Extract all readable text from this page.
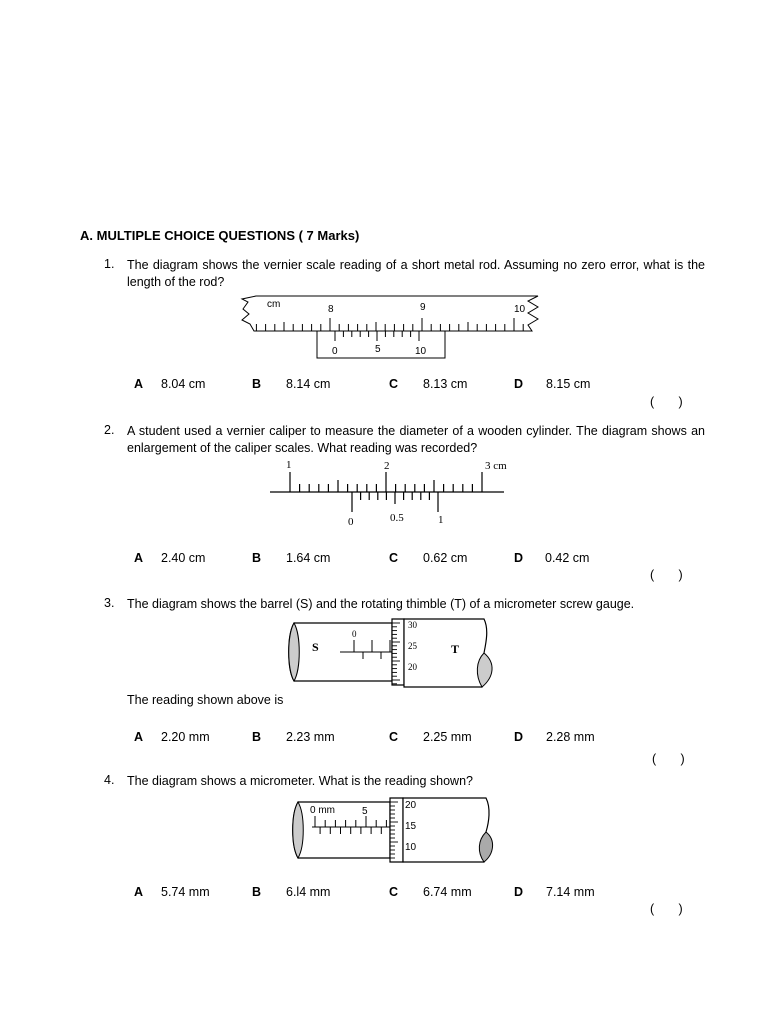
A. MULTIPLE CHOICE QUESTIONS ( 7 Marks)
1. The diagram shows the vernier scale reading of a short metal rod. Assuming no zero error, what is the length of the rod?
cm	8	9	10
0	5	10
A 8.04 cm	B 8.14 cm	C 8.13 cm	D 8.15 cm
(       )
2. A student used a vernier caliper to measure the diameter of a wooden cylinder. The diagram shows an enlargement of the caliper scales. What reading was recorded?
1	2	3 cm
0	0.5	1
A 2.40 cm	B 1.64 cm	C 0.62 cm	D 0.42 cm
(       )
3. The diagram shows the barrel (S) and the rotating thimble (T) of a micrometer screw gauge.
S
0
T
30
25
20
The reading shown above is
A 2.20 mm	B 2.23 mm	C 2.25 mm	D 2.28 mm
(       )
4. The diagram shows a micrometer. What is the reading shown?
0 mm	5
20
15
10
A 5.74 mm	B 6.l4 mm	C 6.74 mm	D 7.14 mm
(       )
